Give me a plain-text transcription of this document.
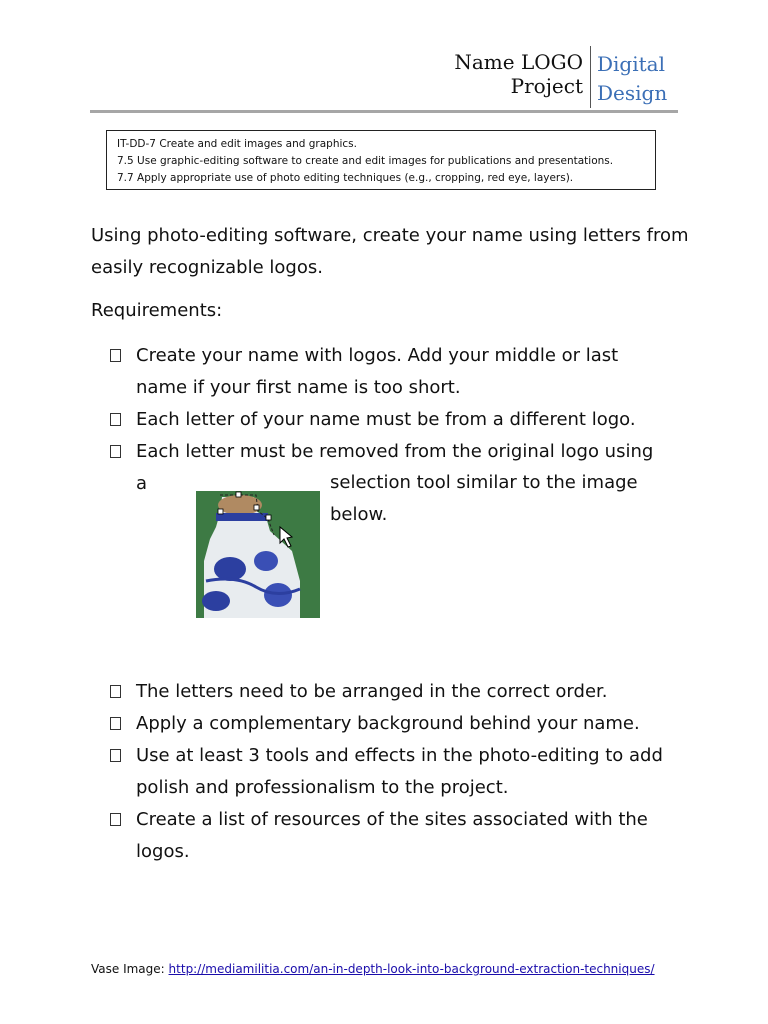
Name LOGO Project
Digital
Design
IT-DD-7 Create and edit images and graphics.
7.5 Use graphic-editing software to create and edit images for publications and presentations.
7.7 Apply appropriate use of photo editing techniques (e.g., cropping, red eye, layers).
Using photo-editing software, create your name using letters from easily recognizable logos.
Requirements:
Create your name with logos. Add your middle or last name if your first name is too short.
Each letter of your name must be from a different logo.
Each letter must be removed from the original logo using a	selection tool similar to the image below.
The letters need to be arranged in the correct order.
Apply a complementary background behind your name.
Use at least 3 tools and effects in the photo-editing to add polish and professionalism to the project.
Create a list of resources of the sites associated with the logos.
Vase Image: http://mediamilitia.com/an-in-depth-look-into-background-extraction-techniques/
